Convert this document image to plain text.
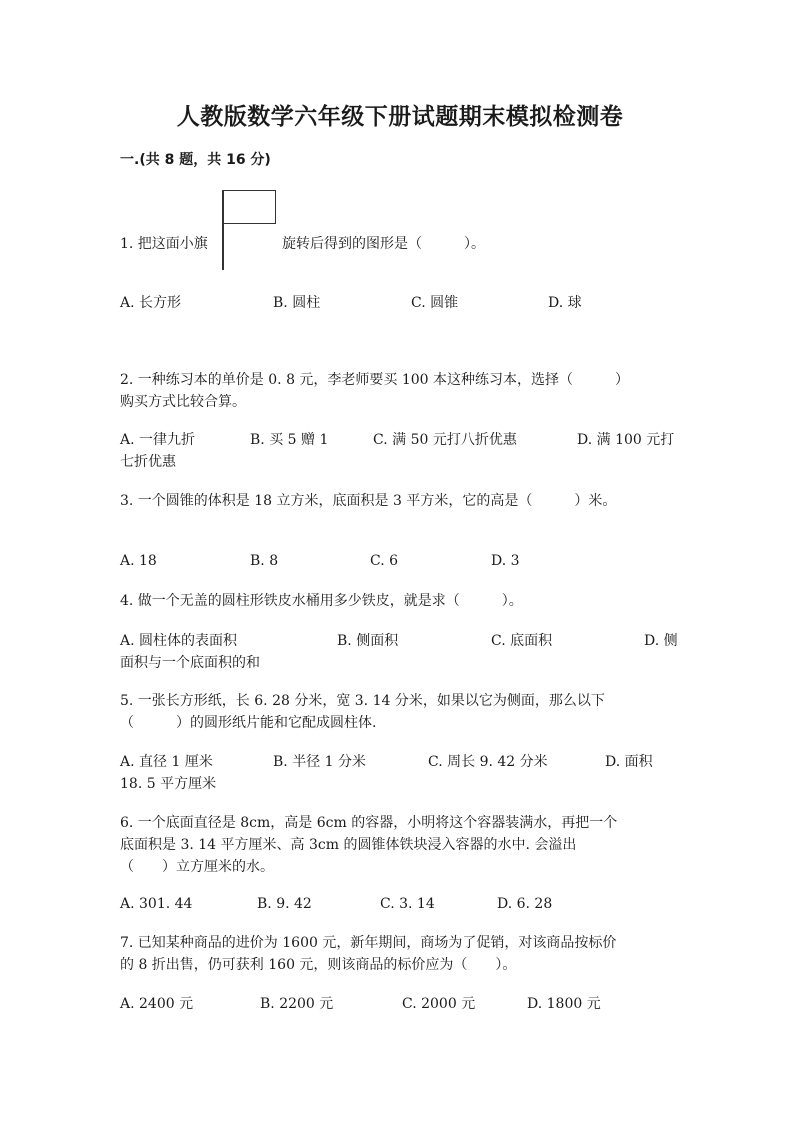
人教版数学六年级下册试题期末模拟检测卷
一.(共 8 题，共 16 分)
1. 把这面小旗	旋转后得到的图形是（　　　）。
A. 长方形	B. 圆柱	C. 圆锥	D. 球
2. 一种练习本的单价是 0. 8 元，李老师要买 100 本这种练习本，选择（　　　）
购买方式比较合算。
A. 一律九折	B. 买 5 赠 1	C. 满 50 元打八折优惠	D. 满 100 元打
七折优惠
3. 一个圆锥的体积是 18 立方米，底面积是 3 平方米，它的高是（　　　）米。
A. 18	B. 8	C. 6	D. 3
4. 做一个无盖的圆柱形铁皮水桶用多少铁皮，就是求（　　　）。
A. 圆柱体的表面积	B. 侧面积	C. 底面积	D. 侧
面积与一个底面积的和
5. 一张长方形纸，长 6. 28 分米，宽 3. 14 分米，如果以它为侧面，那么以下
（　　　）的圆形纸片能和它配成圆柱体.
A. 直径 1 厘米	B. 半径 1 分米	C. 周长 9. 42 分米	D. 面积
18. 5 平方厘米
6. 一个底面直径是 8cm，高是 6cm 的容器，小明将这个容器装满水，再把一个
底面积是 3. 14 平方厘米、高 3cm 的圆锥体铁块浸入容器的水中. 会溢出
（　　）立方厘米的水。
A. 301. 44	B. 9. 42	C. 3. 14	D. 6. 28
7. 已知某种商品的进价为 1600 元，新年期间，商场为了促销，对该商品按标价
的 8 折出售，仍可获利 160 元，则该商品的标价应为（　　）。
A. 2400 元	B. 2200 元	C. 2000 元	D. 1800 元
